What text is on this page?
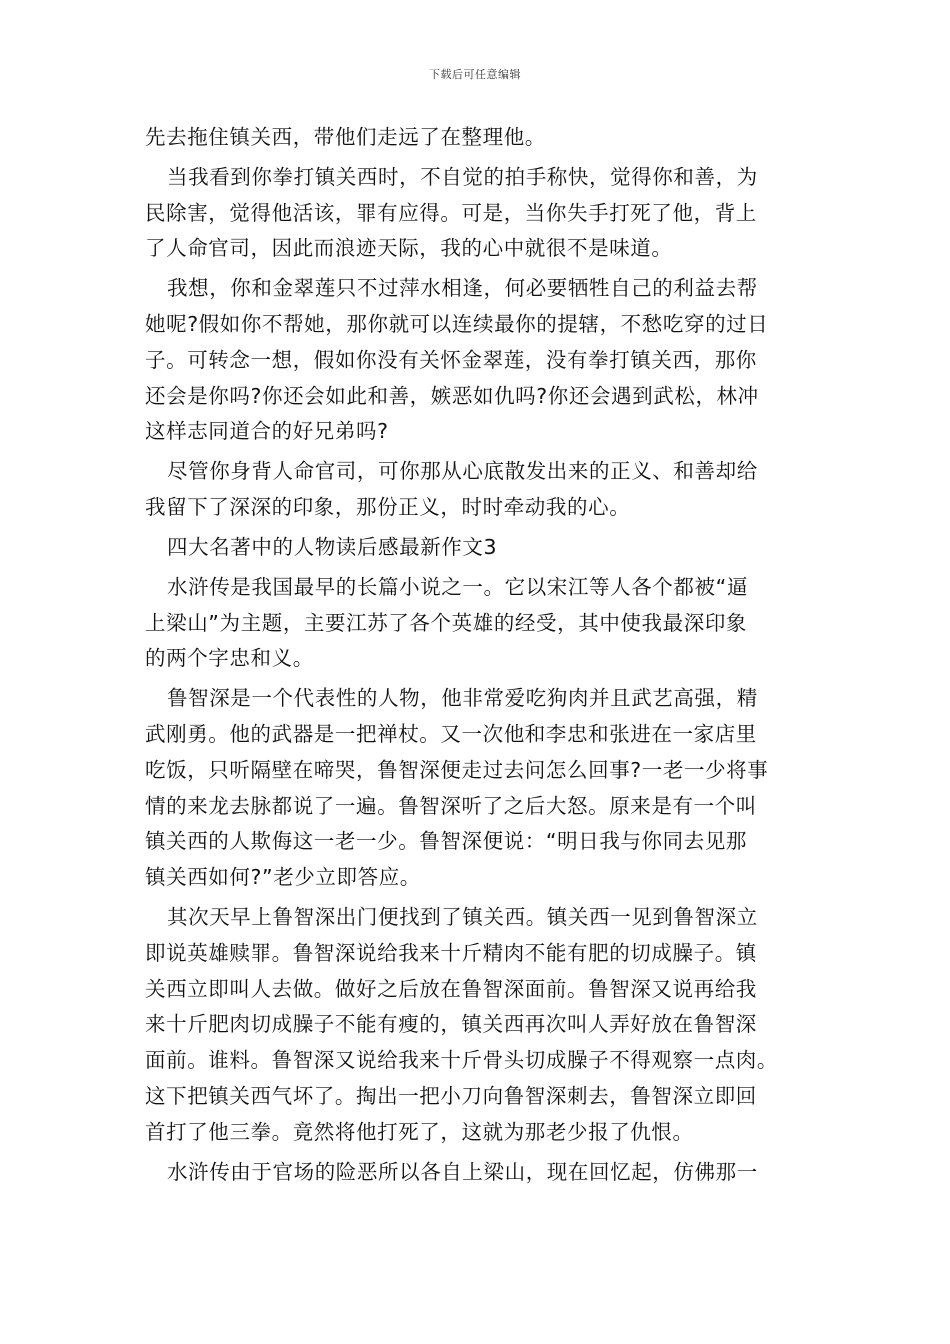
下载后可任意编辑

先去拖住镇关西，带他们走远了在整理他。

当我看到你拳打镇关西时，不自觉的拍手称快，觉得你和善，为
民除害，觉得他活该，罪有应得。可是，当你失手打死了他，背上
了人命官司，因此而浪迹天际，我的心中就很不是味道。

我想，你和金翠莲只不过萍水相逢，何必要牺牲自己的利益去帮
她呢?假如你不帮她，那你就可以连续最你的提辖，不愁吃穿的过日
子。可转念一想，假如你没有关怀金翠莲，没有拳打镇关西，那你
还会是你吗?你还会如此和善，嫉恶如仇吗?你还会遇到武松，林冲
这样志同道合的好兄弟吗?

尽管你身背人命官司，可你那从心底散发出来的正义、和善却给
我留下了深深的印象，那份正义，时时牵动我的心。

四大名著中的人物读后感最新作文3

水浒传是我国最早的长篇小说之一。它以宋江等人各个都被“逼
上梁山”为主题，主要江苏了各个英雄的经受，其中使我最深印象
的两个字忠和义。

鲁智深是一个代表性的人物，他非常爱吃狗肉并且武艺高强，精
武刚勇。他的武器是一把禅杖。又一次他和李忠和张进在一家店里
吃饭，只听隔壁在啼哭，鲁智深便走过去问怎么回事?一老一少将事
情的来龙去脉都说了一遍。鲁智深听了之后大怒。原来是有一个叫
镇关西的人欺侮这一老一少。鲁智深便说：“明日我与你同去见那
镇关西如何?”老少立即答应。

其次天早上鲁智深出门便找到了镇关西。镇关西一见到鲁智深立
即说英雄赎罪。鲁智深说给我来十斤精肉不能有肥的切成臊子。镇
关西立即叫人去做。做好之后放在鲁智深面前。鲁智深又说再给我
来十斤肥肉切成臊子不能有瘦的，镇关西再次叫人弄好放在鲁智深
面前。谁料。鲁智深又说给我来十斤骨头切成臊子不得观察一点肉。
这下把镇关西气坏了。掏出一把小刀向鲁智深刺去，鲁智深立即回
首打了他三拳。竟然将他打死了，这就为那老少报了仇恨。

水浒传由于官场的险恶所以各自上梁山，现在回忆起，仿佛那一
